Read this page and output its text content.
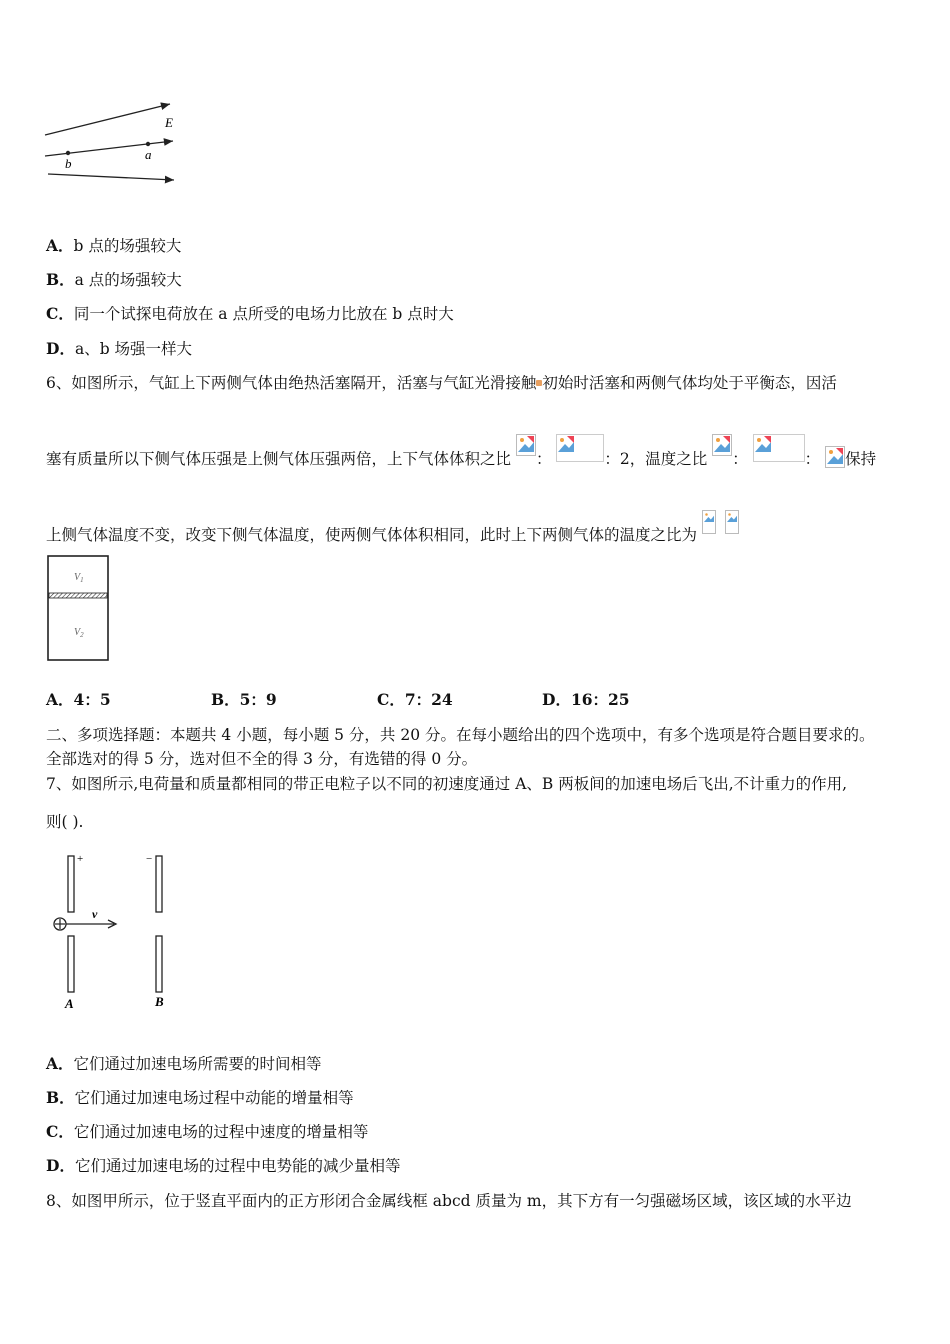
E
a
b
A．b 点的场强较大
B．a 点的场强较大
C．同一个试探电荷放在 a 点所受的电场力比放在 b 点时大
D．a、b 场强一样大
6、如图所示，气缸上下两侧气体由绝热活塞隔开，活塞与气缸光滑接触 初始时活塞和两侧气体均处于平衡态，因活
塞有质量所以下侧气体压强是上侧气体压强两倍，上下气体体积之比 ：	：2，温度之比 ：	： 保持
上侧气体温度不变，改变下侧气体温度，使两侧气体体积相同，此时上下两侧气体的温度之比为

$V_1$
$V_2$
A．4：5	B．5：9	C．7：24	D．16：25
二、多项选择题：本题共 4 小题，每小题 5 分，共 20 分。在每小题给出的四个选项中，有多个选项是符合题目要求的。
全部选对的得 5 分，选对但不全的得 3 分，有选错的得 0 分。
7、如图所示,电荷量和质量都相同的带正电粒子以不同的初速度通过 A、B 两板间的加速电场后飞出,不计重力的作用,
则( ).
+	−
v
A	B
A．它们通过加速电场所需要的时间相等
B．它们通过加速电场过程中动能的增量相等
C．它们通过加速电场的过程中速度的增量相等
D．它们通过加速电场的过程中电势能的减少量相等
8、如图甲所示，位于竖直平面内的正方形闭合金属线框 abcd 质量为 m，其下方有一匀强磁场区域，该区域的水平边
